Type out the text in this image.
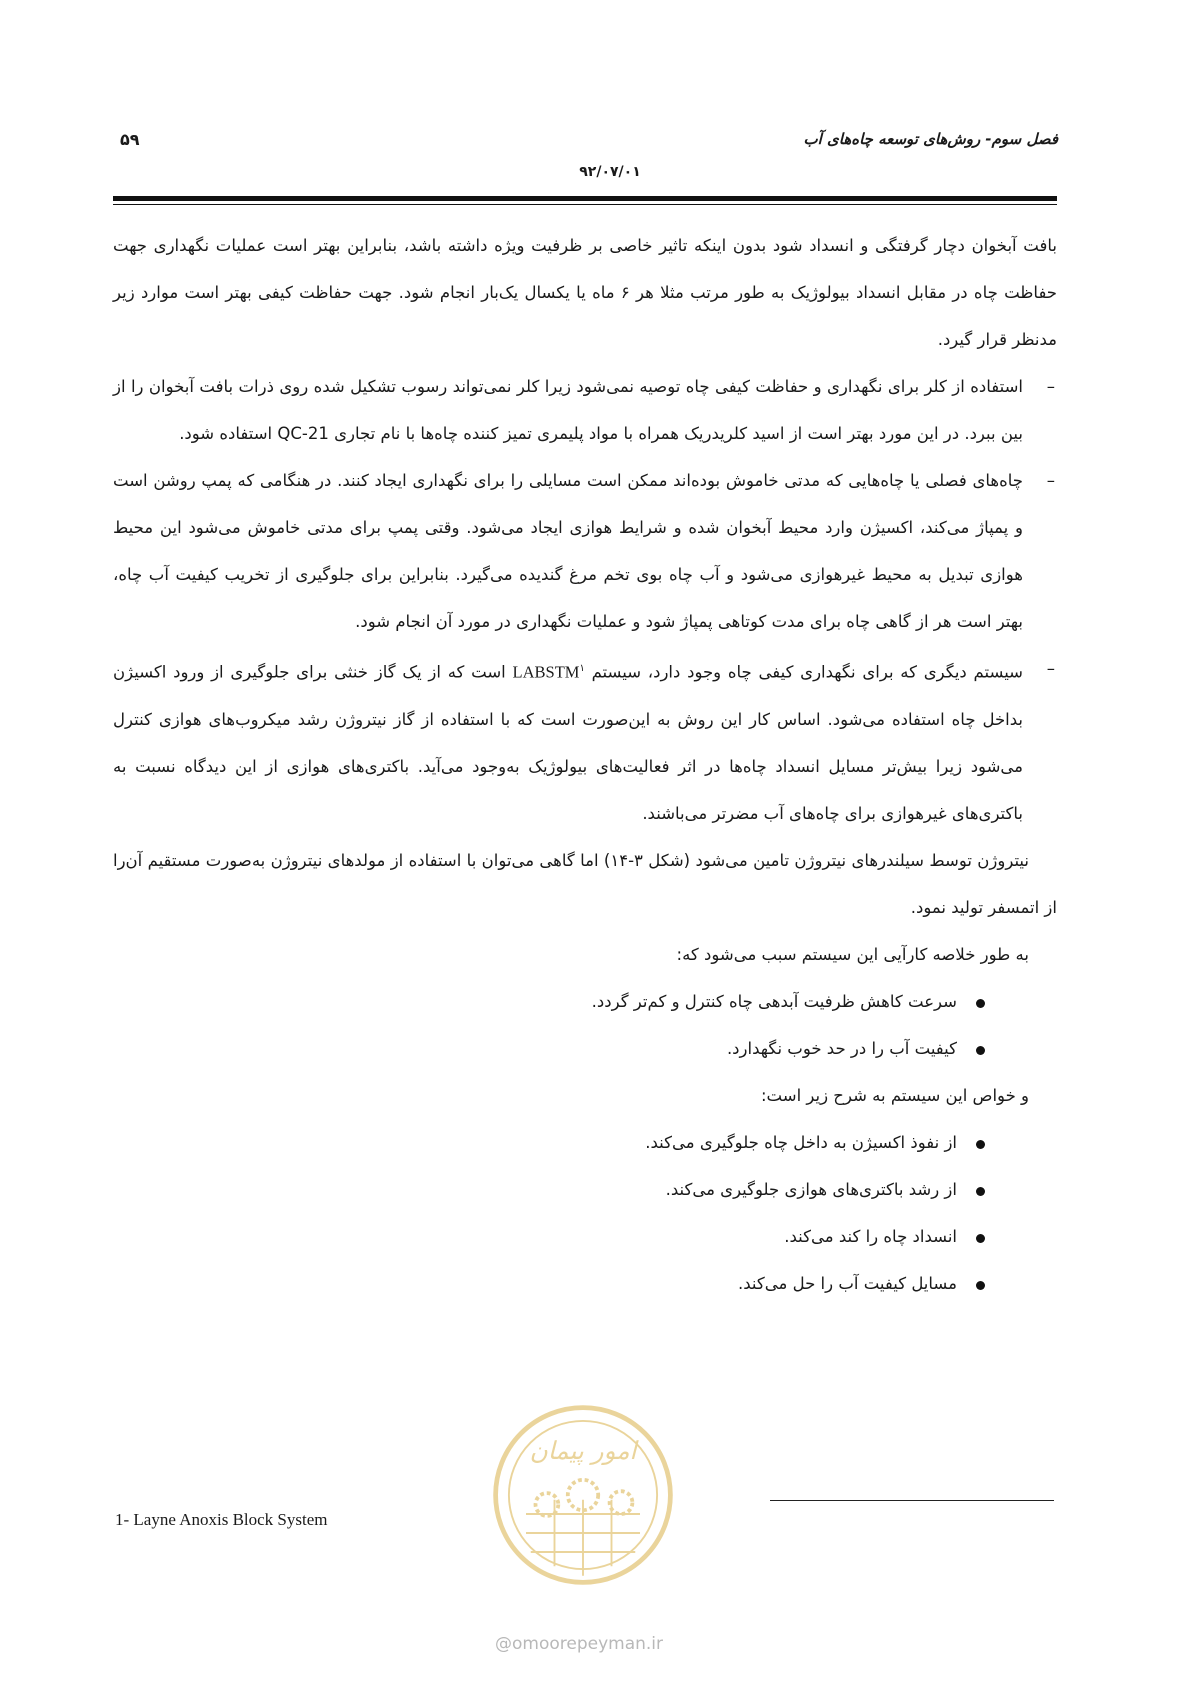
فصل سوم- روش‌های توسعه چاه‌های آب
۵۹
۹۲/۰۷/۰۱

بافت آبخوان دچار گرفتگی و انسداد شود بدون اینکه تاثیر خاصی بر ظرفیت ویژه داشته باشد، بنابراین بهتر است عملیات نگهداری جهت حفاظت چاه در مقابل انسداد بیولوژیک به طور مرتب مثلا هر ۶ ماه یا یکسال یک‌بار انجام شود. جهت حفاظت کیفی بهتر است موارد زیر مدنظر قرار گیرد.

–
استفاده از کلر برای نگهداری و حفاظت کیفی چاه توصیه نمی‌شود زیرا کلر نمی‌تواند رسوب تشکیل شده روی ذرات بافت آبخوان را از بین ببرد. در این مورد بهتر است از اسید کلریدریک همراه با مواد پلیمری تمیز کننده چاه‌ها با نام تجاری QC-21 استفاده شود.

–
چاه‌های فصلی یا چاه‌هایی که مدتی خاموش بوده‌اند ممکن است مسایلی را برای نگهداری ایجاد کنند. در هنگامی که پمپ روشن است و پمپاژ می‌کند، اکسیژن وارد محیط آبخوان شده و شرایط هوازی ایجاد می‌شود. وقتی پمپ برای مدتی خاموش می‌شود این محیط هوازی تبدیل به محیط غیرهوازی می‌شود و آب چاه بوی تخم مرغ گندیده می‌گیرد. بنابراین برای جلوگیری از تخریب کیفیت آب چاه، بهتر است هر از گاهی چاه برای مدت کوتاهی پمپاژ شود و عملیات نگهداری در مورد آن انجام شود.

–
سیستم دیگری که برای نگهداری کیفی چاه وجود دارد، سیستم LABSTM$^۱$ است که از یک گاز خنثی برای جلوگیری از ورود اکسیژن بداخل چاه استفاده می‌شود. اساس کار این روش به این‌صورت است که با استفاده از گاز نیتروژن رشد میکروب‌های هوازی کنترل می‌شود زیرا بیش‌تر مسایل انسداد چاه‌ها در اثر فعالیت‌های بیولوژیک به‌وجود می‌آید. باکتری‌های هوازی از این دیدگاه نسبت به باکتری‌های غیرهوازی برای چاه‌های آب مضرتر می‌باشند.

نیتروژن توسط سیلندرهای نیتروژن تامین می‌شود (شکل ۳-۱۴) اما گاهی می‌توان با استفاده از مولدهای نیتروژن به‌صورت مستقیم آن‌را از اتمسفر تولید نمود.

به طور خلاصه کارآیی این سیستم سبب می‌شود که:

سرعت کاهش ظرفیت آبدهی چاه کنترل و کم‌تر گردد.
کیفیت آب را در حد خوب نگهدارد.

و خواص این سیستم به شرح زیر است:

از نفوذ اکسیژن به داخل چاه جلوگیری می‌کند.
از رشد باکتری‌های هوازی جلوگیری می‌کند.
انسداد چاه را کند می‌کند.
مسایل کیفیت آب را حل می‌کند.
1- Layne Anoxis Block System
امور پیمان
@omoorepeyman.ir
